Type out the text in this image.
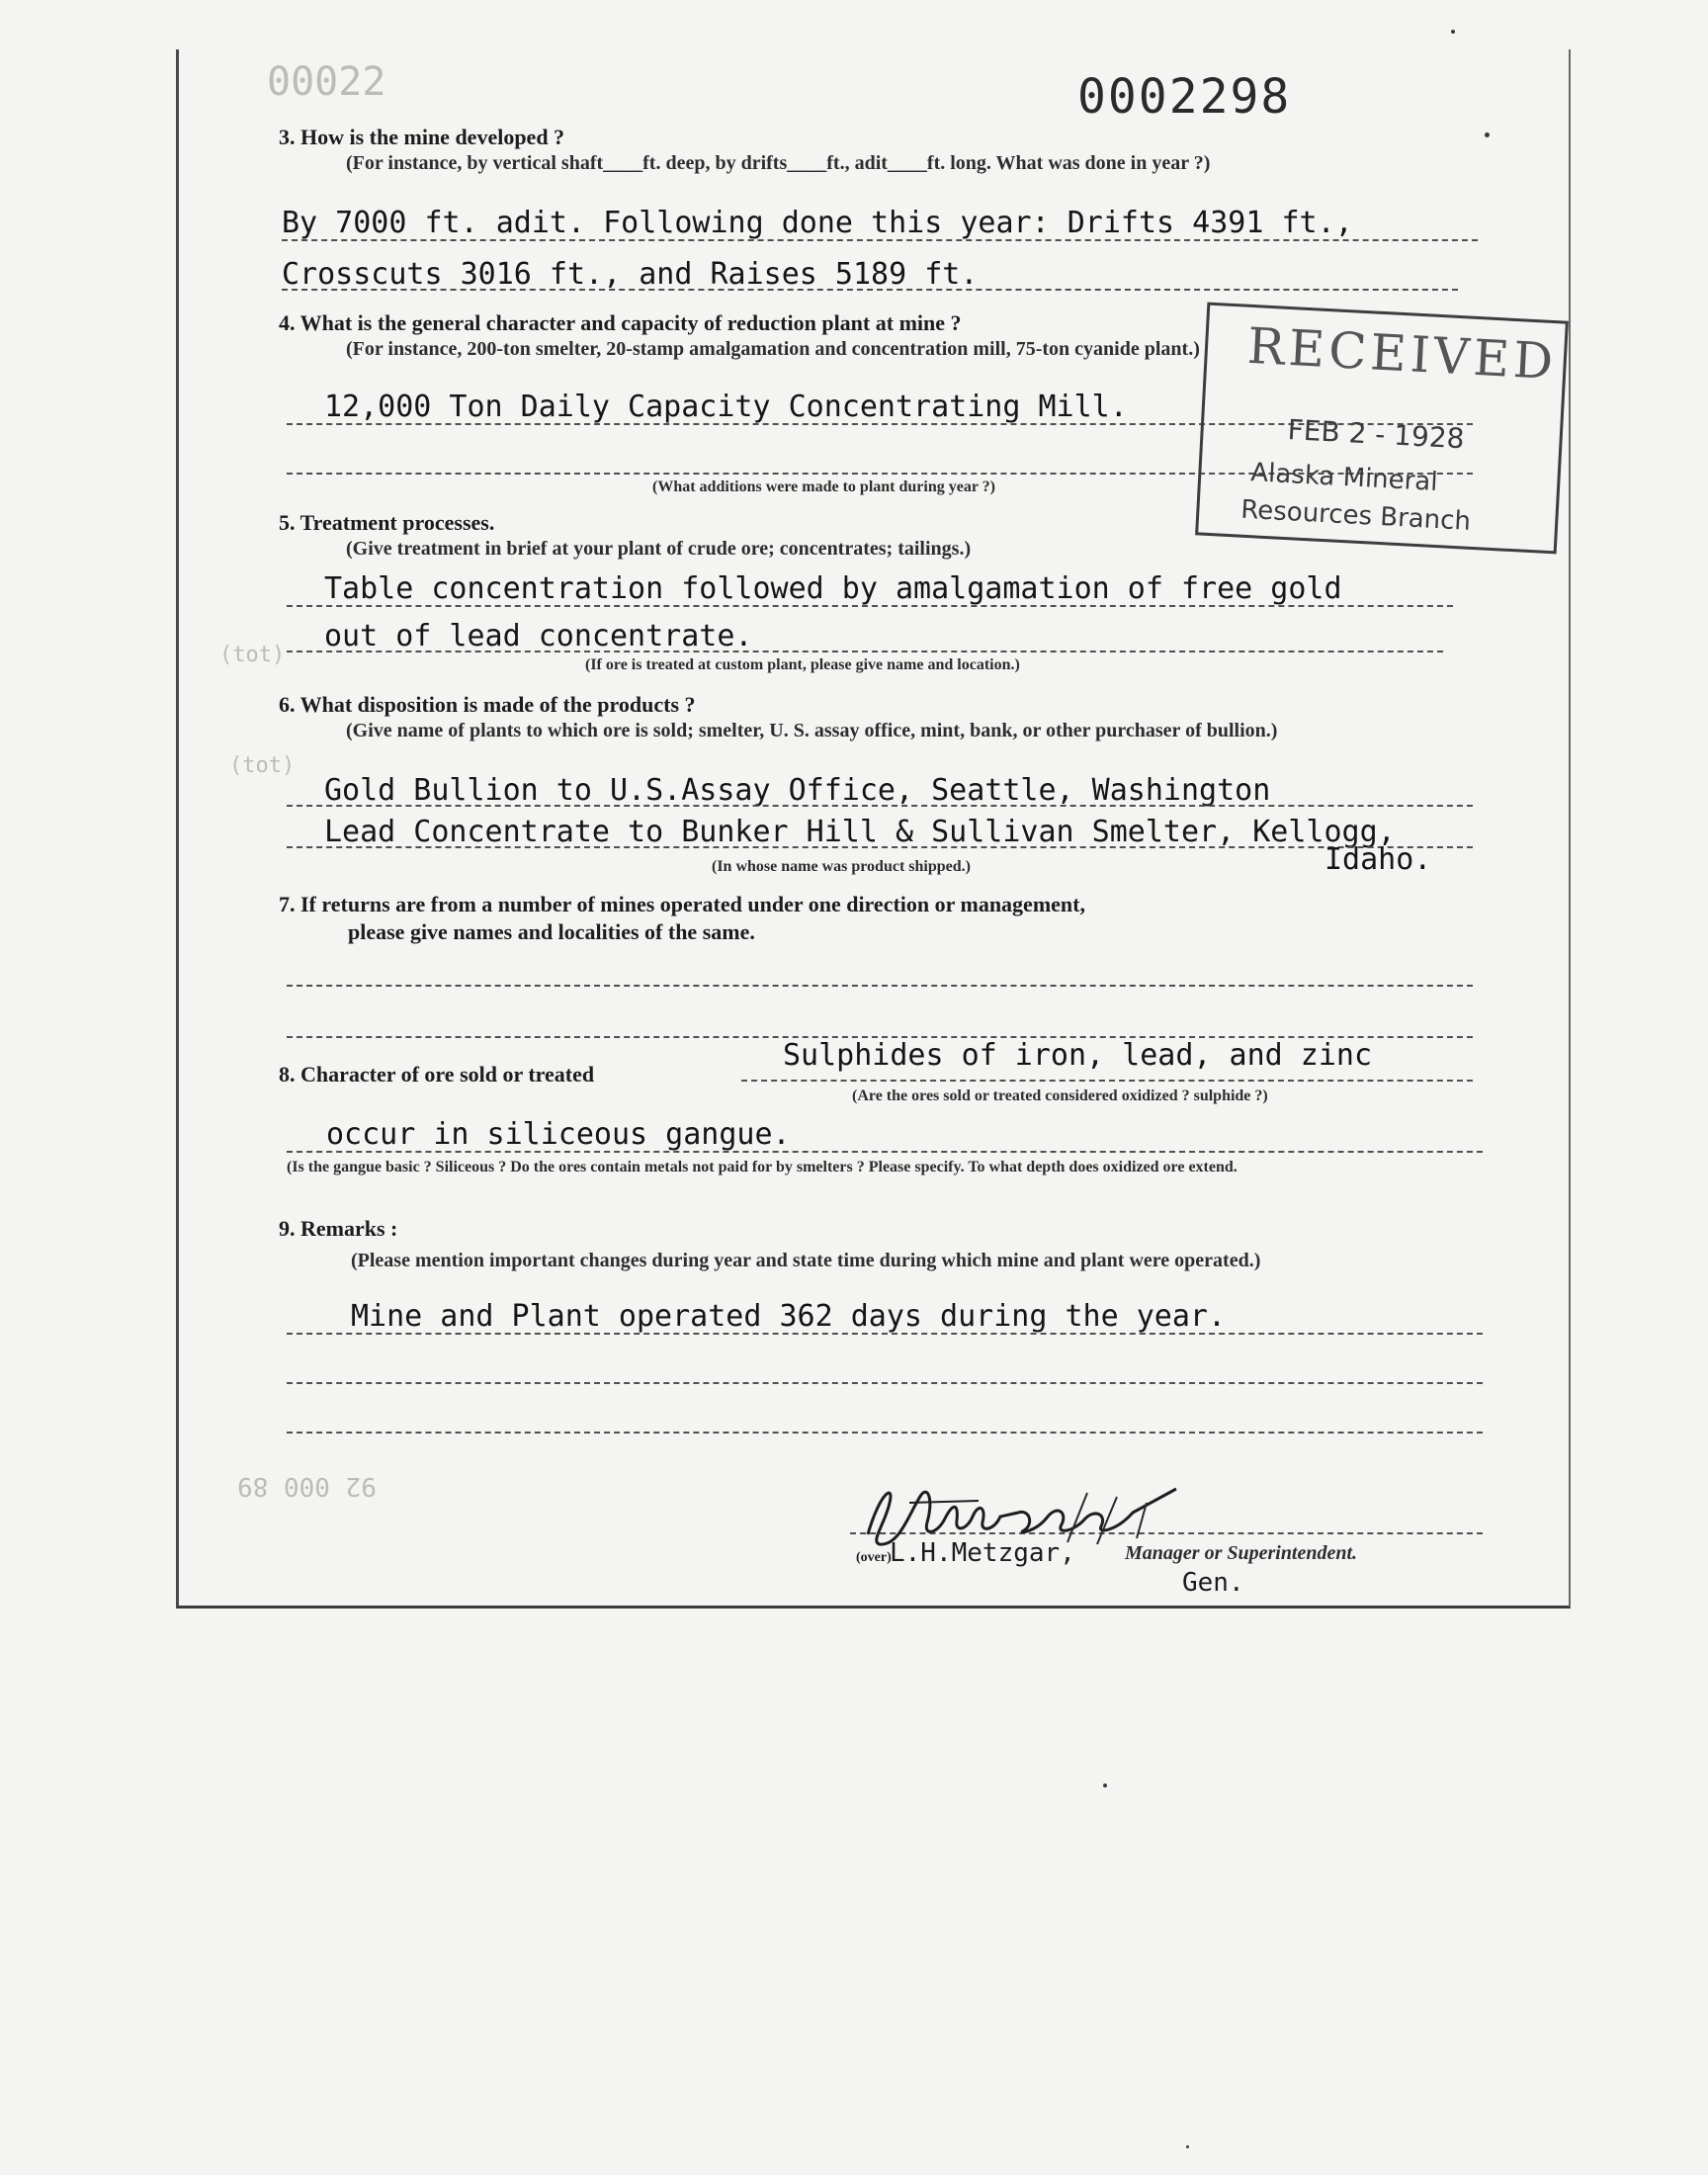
00022
(tot)
(tot)
92 000 89
0002298
3. How is the mine developed ?
(For instance, by vertical shaft____ft. deep, by drifts____ft., adit____ft. long. What was done in year ?)
By 7000 ft. adit. Following done this year: Drifts 4391 ft.,
Crosscuts 3016 ft., and Raises 5189 ft.
4. What is the general character and capacity of reduction plant at mine ?
(For instance, 200-ton smelter, 20-stamp amalgamation and concentration mill, 75-ton cyanide plant.)
12,000 Ton Daily Capacity Concentrating Mill.
(What additions were made to plant during year ?)
5. Treatment processes.
(Give treatment in brief at your plant of crude ore; concentrates; tailings.)
Table concentration followed by amalgamation of free gold
out of lead concentrate.
(If ore is treated at custom plant, please give name and location.)
6. What disposition is made of the products ?
(Give name of plants to which ore is sold; smelter, U. S. assay office, mint, bank, or other purchaser of bullion.)
Gold Bullion to U.S.Assay Office, Seattle, Washington
Lead Concentrate to Bunker Hill & Sullivan Smelter, Kellogg,
(In whose name was product shipped.)	Idaho.
7. If returns are from a number of mines operated under one direction or management,
please give names and localities of the same.
8. Character of ore sold or treated
Sulphides of iron, lead, and zinc
(Are the ores sold or treated considered oxidized ? sulphide ?)
occur in siliceous gangue.
(Is the gangue basic ? Siliceous ? Do the ores contain metals not paid for by smelters ? Please specify. To what depth does oxidized ore extend.
9. Remarks :
(Please mention important changes during year and state time during which mine and plant were operated.)
Mine and Plant operated 362 days during the year.
RECEIVED
FEB 2 - 1928
Alaska Mineral
Resources Branch
(over)
L.H.Metzgar,	Manager or Superintendent.
Gen.
